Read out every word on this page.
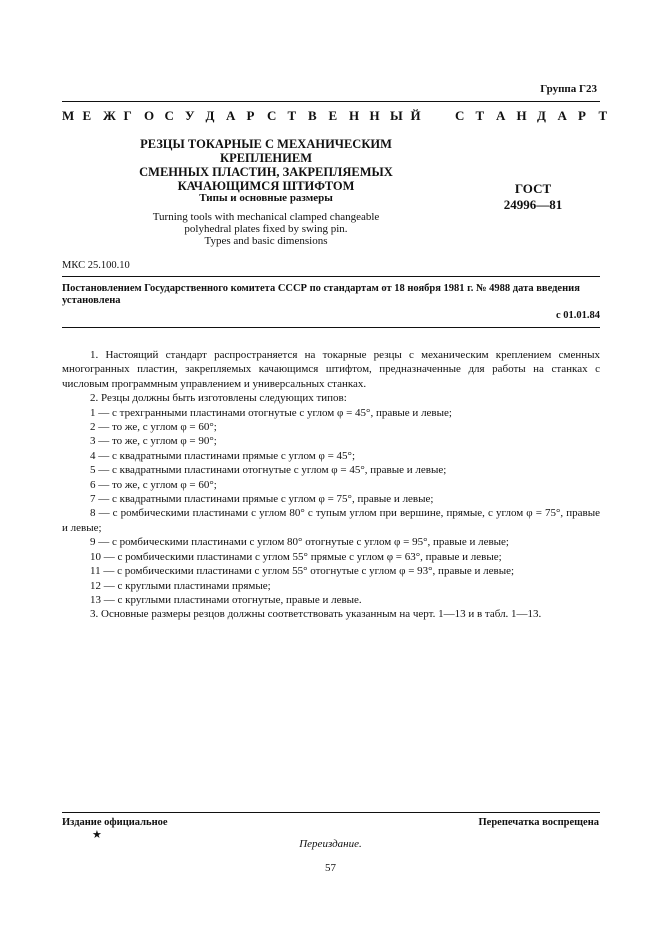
Группа Г23
М Е Ж Г О С У Д А Р С Т В Е Н Н Ы Й	С Т А Н Д А Р Т
РЕЗЦЫ ТОКАРНЫЕ С МЕХАНИЧЕСКИМ КРЕПЛЕНИЕМ
СМЕННЫХ ПЛАСТИН, ЗАКРЕПЛЯЕМЫХ
КАЧАЮЩИМСЯ ШТИФТОМ
Типы и основные размеры
Turning tools with mechanical clamped changeable
polyhedral plates fixed by swing pin.
Types and basic dimensions
ГОСТ
24996—81
МКС 25.100.10
Постановлением Государственного комитета СССР по стандартам от 18 ноября 1981 г. № 4988 дата введения установлена
с 01.01.84

1. Настоящий стандарт распространяется на токарные резцы с механическим креплением сменных многогранных пластин, закрепляемых качающимся штифтом, предназначенные для работы на станках с числовым программным управлением и универсальных станках.

2. Резцы должны быть изготовлены следующих типов:

1 — с трехгранными пластинами отогнутые с углом φ = 45°, правые и левые;

2 — то же, с углом φ = 60°;

3 — то же, с углом φ = 90°;

4 — с квадратными пластинами прямые с углом φ = 45°;

5 — с квадратными пластинами отогнутые с углом φ = 45°, правые и левые;

6 — то же, с углом φ = 60°;

7 — с квадратными пластинами прямые с углом φ = 75°, правые и левые;

8 — с ромбическими пластинами с углом 80° с тупым углом при вершине, прямые, с углом φ = 75°, правые и левые;

9 — с ромбическими пластинами с углом 80° отогнутые с углом φ = 95°, правые и левые;

10 — с ромбическими пластинами с углом 55° прямые с углом φ = 63°, правые и левые;

11 — с ромбическими пластинами с углом 55° отогнутые с углом φ = 93°, правые и левые;

12 — с круглыми пластинами прямые;

13 — с круглыми пластинами отогнутые, правые и левые.

3. Основные размеры резцов должны соответствовать указанным на черт. 1—13 и в табл. 1—13.

Издание официальное
★
Перепечатка воспрещена
Переиздание.
57
